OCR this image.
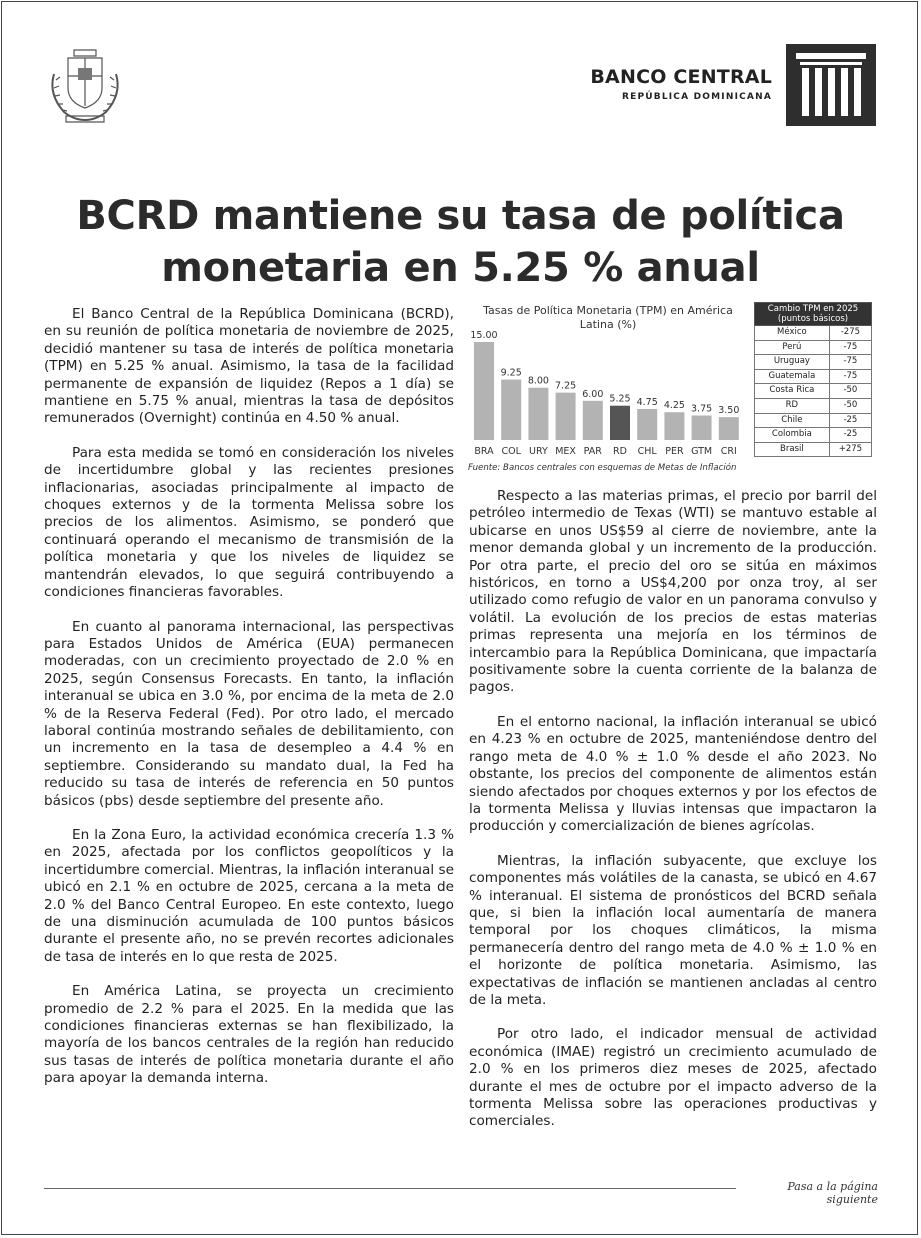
BANCO CENTRAL
REPÚBLICA DOMINICANA
BCRD mantiene su tasa de política
monetaria en 5.25 % anual

El Banco Central de la República Dominicana (BCRD), en su reunión de política monetaria de noviembre de 2025, decidió mantener su tasa de interés de política monetaria (TPM) en 5.25 % anual. Asimismo, la tasa de la facilidad permanente de expansión de liquidez (Repos a 1 día) se mantiene en 5.75 % anual, mientras la tasa de depósitos remunerados (Overnight) continúa en 4.50 % anual.

Para esta medida se tomó en consideración los niveles de incertidumbre global y las recientes presiones inflacionarias, asociadas principalmente al impacto de choques externos y de la tormenta Melissa sobre los precios de los alimentos. Asimismo, se ponderó que continuará operando el mecanismo de transmisión de la política monetaria y que los niveles de liquidez se mantendrán elevados, lo que seguirá contribuyendo a condiciones financieras favorables.

En cuanto al panorama internacional, las perspectivas para Estados Unidos de América (EUA) permanecen moderadas, con un crecimiento proyectado de 2.0 % en 2025, según Consensus Forecasts. En tanto, la inflación interanual se ubica en 3.0 %, por encima de la meta de 2.0 % de la Reserva Federal (Fed). Por otro lado, el mercado laboral continúa mostrando señales de debilitamiento, con un incremento en la tasa de desempleo a 4.4 % en septiembre. Considerando su mandato dual, la Fed ha reducido su tasa de interés de referencia en 50 puntos básicos (pbs) desde septiembre del presente año.

En la Zona Euro, la actividad económica crecería 1.3 % en 2025, afectada por los conflictos geopolíticos y la incertidumbre comercial. Mientras, la inflación interanual se ubicó en 2.1 % en octubre de 2025, cercana a la meta de 2.0 % del Banco Central Europeo. En este contexto, luego de una disminución acumulada de 100 puntos básicos durante el presente año, no se prevén recortes adicionales de tasa de interés en lo que resta de 2025.

En América Latina, se proyecta un crecimiento promedio de 2.2 % para el 2025. En la medida que las condiciones financieras externas se han flexibilizado, la mayoría de los bancos centrales de la región han reducido sus tasas de interés de política monetaria durante el año para apoyar la demanda interna.

Tasas de Política Monetaria (TPM) en América Latina (%)
15.00
BRA
9.25
COL
8.00
URY
7.25
MEX
6.00
PAR
5.25
RD
4.75
CHL
4.25
PER
3.75
GTM
3.50
CRI
Fuente: Bancos centrales con esquemas de Metas de Inflación
Cambio TPM en 2025 (puntos básicos)
México	-275
Perú	-75
Uruguay	-75
Guatemala	-75
Costa Rica	-50
RD	-50
Chile	-25
Colombia	-25
Brasil	+275

Respecto a las materias primas, el precio por barril del petróleo intermedio de Texas (WTI) se mantuvo estable al ubicarse en unos US$59 al cierre de noviembre, ante la menor demanda global y un incremento de la producción. Por otra parte, el precio del oro se sitúa en máximos históricos, en torno a US$4,200 por onza troy, al ser utilizado como refugio de valor en un panorama convulso y volátil. La evolución de los precios de estas materias primas representa una mejoría en los términos de intercambio para la República Dominicana, que impactaría positivamente sobre la cuenta corriente de la balanza de pagos.

En el entorno nacional, la inflación interanual se ubicó en 4.23 % en octubre de 2025, manteniéndose dentro del rango meta de 4.0 % ± 1.0 % desde el año 2023. No obstante, los precios del componente de alimentos están siendo afectados por choques externos y por los efectos de la tormenta Melissa y lluvias intensas que impactaron la producción y comercialización de bienes agrícolas.

Mientras, la inflación subyacente, que excluye los componentes más volátiles de la canasta, se ubicó en 4.67 % interanual. El sistema de pronósticos del BCRD señala que, si bien la inflación local aumentaría de manera temporal por los choques climáticos, la misma permanecería dentro del rango meta de 4.0 % ± 1.0 % en el horizonte de política monetaria. Asimismo, las expectativas de inflación se mantienen ancladas al centro de la meta.

Por otro lado, el indicador mensual de actividad económica (IMAE) registró un crecimiento acumulado de 2.0 % en los primeros diez meses de 2025, afectado durante el mes de octubre por el impacto adverso de la tormenta Melissa sobre las operaciones productivas y comerciales.

Pasa a la página siguiente
